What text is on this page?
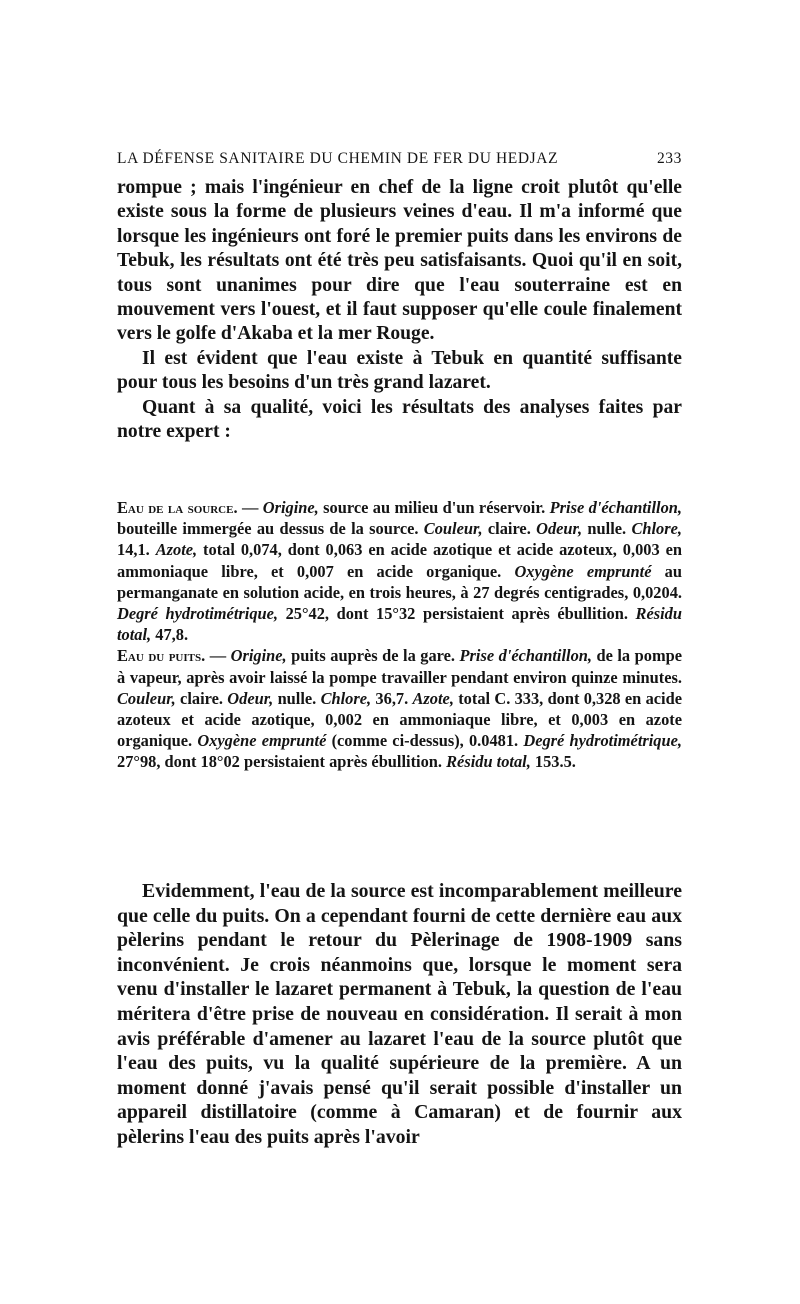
LA DÉFENSE SANITAIRE DU CHEMIN DE FER DU HEDJAZ	233

rompue ; mais l'ingénieur en chef de la ligne croit plutôt qu'elle existe sous la forme de plusieurs veines d'eau. Il m'a informé que lorsque les ingénieurs ont foré le premier puits dans les environs de Tebuk, les résultats ont été très peu satisfaisants. Quoi qu'il en soit, tous sont unanimes pour dire que l'eau souterraine est en mouvement vers l'ouest, et il faut supposer qu'elle coule finalement vers le golfe d'Akaba et la mer Rouge.

Il est évident que l'eau existe à Tebuk en quantité suffisante pour tous les besoins d'un très grand lazaret.

Quant à sa qualité, voici les résultats des analyses faites par notre expert :

Eau de la source. — Origine, source au milieu d'un réservoir. Prise d'échantillon, bouteille immergée au dessus de la source. Couleur, claire. Odeur, nulle. Chlore, 14,1. Azote, total 0,074, dont 0,063 en acide azotique et acide azoteux, 0,003 en ammoniaque libre, et 0,007 en acide organique. Oxygène emprunté au permanganate en solution acide, en trois heures, à 27 degrés centigrades, 0,0204. Degré hydrotimétrique, 25°42, dont 15°32 persistaient après ébullition. Résidu total, 47,8.

Eau du puits. — Origine, puits auprès de la gare. Prise d'échantillon, de la pompe à vapeur, après avoir laissé la pompe travailler pendant environ quinze minutes. Couleur, claire. Odeur, nulle. Chlore, 36,7. Azote, total C. 333, dont 0,328 en acide azoteux et acide azotique, 0,002 en ammoniaque libre, et 0,003 en azote organique. Oxygène emprunté (comme ci-dessus), 0.0481. Degré hydrotimétrique, 27°98, dont 18°02 persistaient après ébullition. Résidu total, 153.5.

Evidemment, l'eau de la source est incomparablement meilleure que celle du puits. On a cependant fourni de cette dernière eau aux pèlerins pendant le retour du Pèlerinage de 1908-1909 sans inconvénient. Je crois néanmoins que, lorsque le moment sera venu d'installer le lazaret permanent à Tebuk, la question de l'eau méritera d'être prise de nouveau en considération. Il serait à mon avis préférable d'amener au lazaret l'eau de la source plutôt que l'eau des puits, vu la qualité supérieure de la première. A un moment donné j'avais pensé qu'il serait possible d'installer un appareil distillatoire (comme à Camaran) et de fournir aux pèlerins l'eau des puits après l'avoir
